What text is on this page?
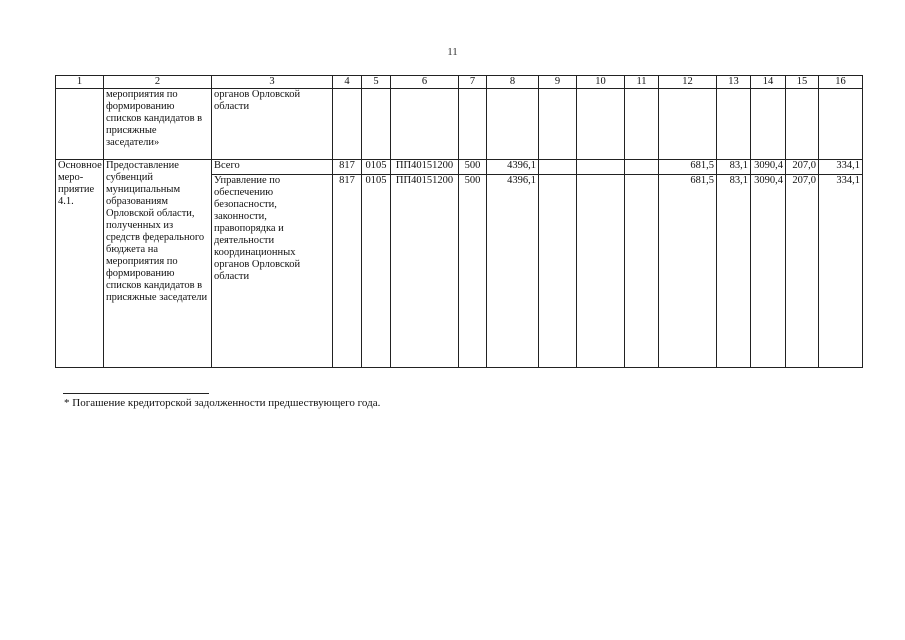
11
1	2	3	4	5	6	7	8	9	10	11	12	13	14	15	16
	мероприятия по формированию списков кандидатов в присяжные заседатели»	органов Орловской области													
Основное меро-приятие 4.1.	Предоставление субвенций муниципальным образованиям Орловской области, полученных из средств федерального бюджета на мероприятия по формированию списков кандидатов в присяжные заседатели	Всего	817	0105	ПП40151200	500	4396,1				681,5	83,1	3090,4	207,0	334,1
		Управление по обеспечению безопасности, законности, правопорядка и деятельности координационных органов Орловской области	817	0105	ПП40151200	500	4396,1				681,5	83,1	3090,4	207,0	334,1
* Погашение кредиторской задолженности предшествующего года.
